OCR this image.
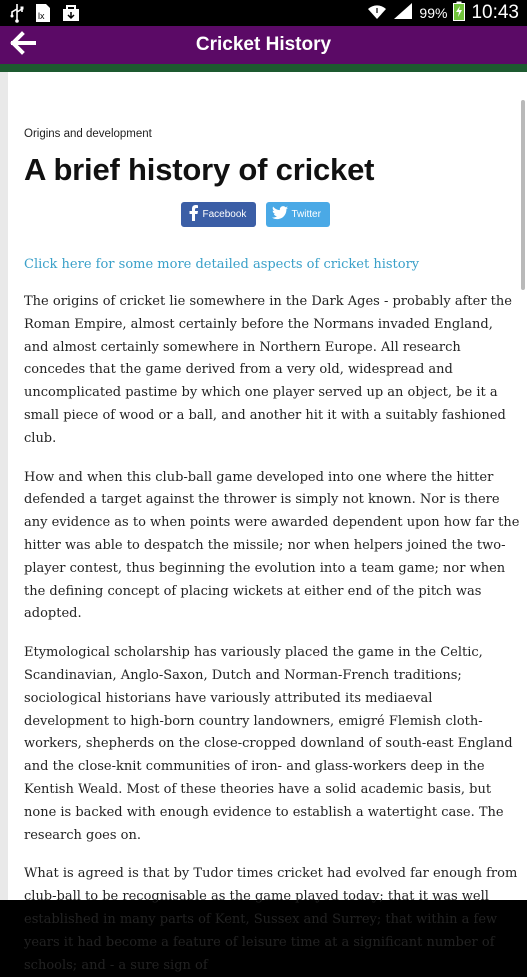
lx	99% 10:43
Cricket History
Origins and development
A brief history of cricket
Facebook	Twitter
Click here for some more detailed aspects of cricket history

The origins of cricket lie somewhere in the Dark Ages - probably after the Roman Empire, almost certainly before the Normans invaded England, and almost certainly somewhere in Northern Europe. All research concedes that the game derived from a very old, widespread and uncomplicated pastime by which one player served up an object, be it a small piece of wood or a ball, and another hit it with a suitably fashioned club.

How and when this club-ball game developed into one where the hitter defended a target against the thrower is simply not known. Nor is there any evidence as to when points were awarded dependent upon how far the hitter was able to despatch the missile; nor when helpers joined the two-player contest, thus beginning the evolution into a team game; nor when the defining concept of placing wickets at either end of the pitch was adopted.

Etymological scholarship has variously placed the game in the Celtic, Scandinavian, Anglo-Saxon, Dutch and Norman-French traditions; sociological historians have variously attributed its mediaeval development to high-born country landowners, emigré Flemish cloth-workers, shepherds on the close-cropped downland of south-east England and the close-knit communities of iron- and glass-workers deep in the Kentish Weald. Most of these theories have a solid academic basis, but none is backed with enough evidence to establish a watertight case. The research goes on.

What is agreed is that by Tudor times cricket had evolved far enough from club-ball to be recognisable as the game played today; that it was well established in many parts of Kent, Sussex and Surrey; that within a few years it had become a feature of leisure time at a significant number of schools; and - a sure sign of
